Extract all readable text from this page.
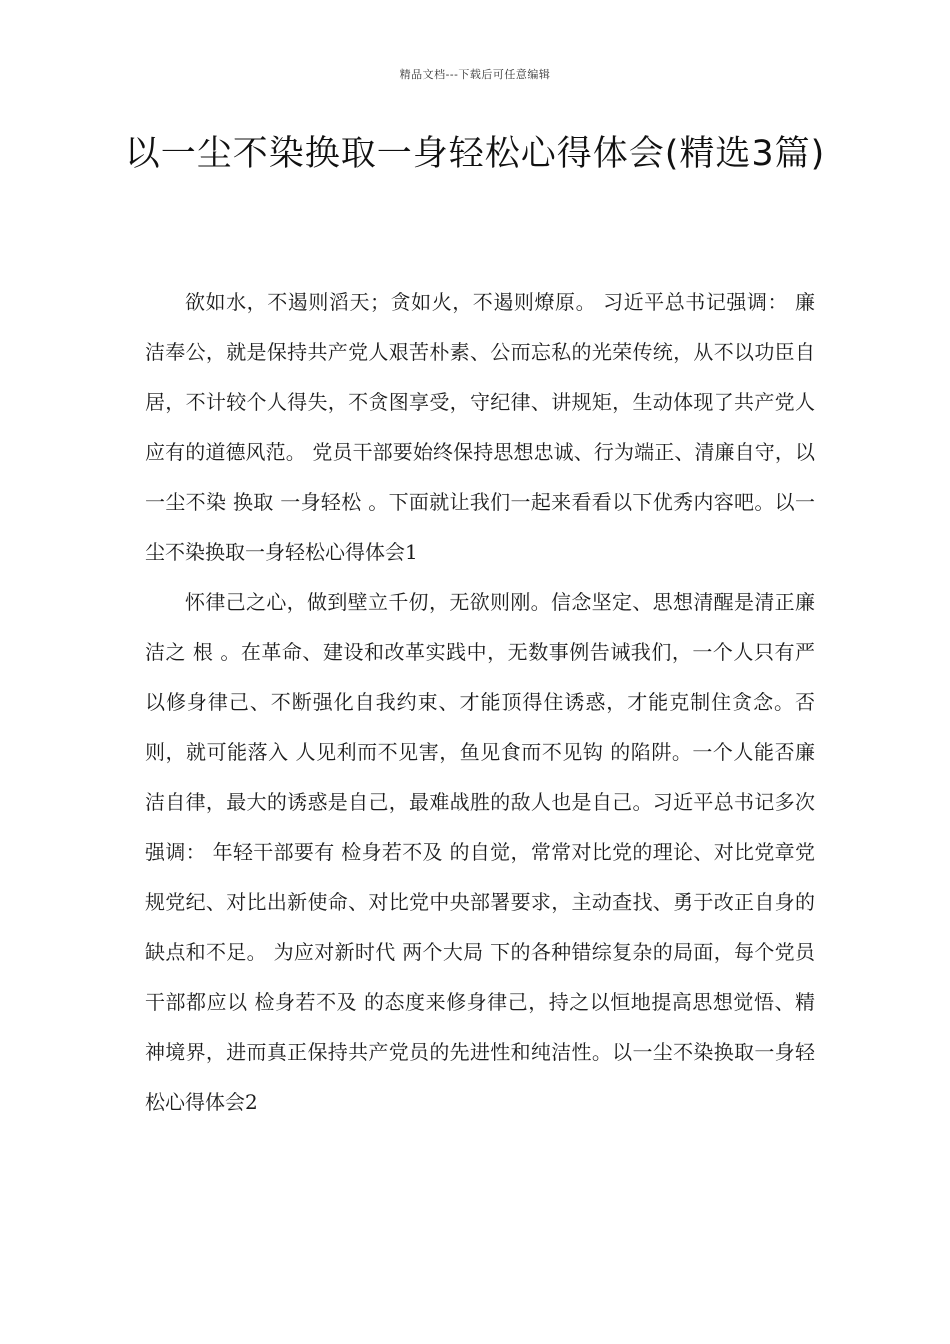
精品文档---下载后可任意编辑
以一尘不染换取一身轻松心得体会(精选3篇)

欲如水，不遏则滔天；贪如火，不遏则燎原。 习近平总书记强调： 廉洁奉公，就是保持共产党人艰苦朴素、公而忘私的光荣传统，从不以功臣自居，不计较个人得失，不贪图享受，守纪律、讲规矩，生动体现了共产党人应有的道德风范。 党员干部要始终保持思想忠诚、行为端正、清廉自守，以 一尘不染 换取 一身轻松 。下面就让我们一起来看看以下优秀内容吧。以一尘不染换取一身轻松心得体会1

怀律己之心，做到壁立千仞，无欲则刚。信念坚定、思想清醒是清正廉洁之 根 。在革命、建设和改革实践中，无数事例告诫我们，一个人只有严以修身律己、不断强化自我约束、才能顶得住诱惑，才能克制住贪念。否则，就可能落入 人见利而不见害，鱼见食而不见钩 的陷阱。一个人能否廉洁自律，最大的诱惑是自己，最难战胜的敌人也是自己。习近平总书记多次强调： 年轻干部要有 检身若不及 的自觉，常常对比党的理论、对比党章党规党纪、对比出新使命、对比党中央部署要求，主动查找、勇于改正自身的缺点和不足。 为应对新时代 两个大局 下的各种错综复杂的局面，每个党员干部都应以 检身若不及 的态度来修身律己，持之以恒地提高思想觉悟、精神境界，进而真正保持共产党员的先进性和纯洁性。以一尘不染换取一身轻松心得体会2
